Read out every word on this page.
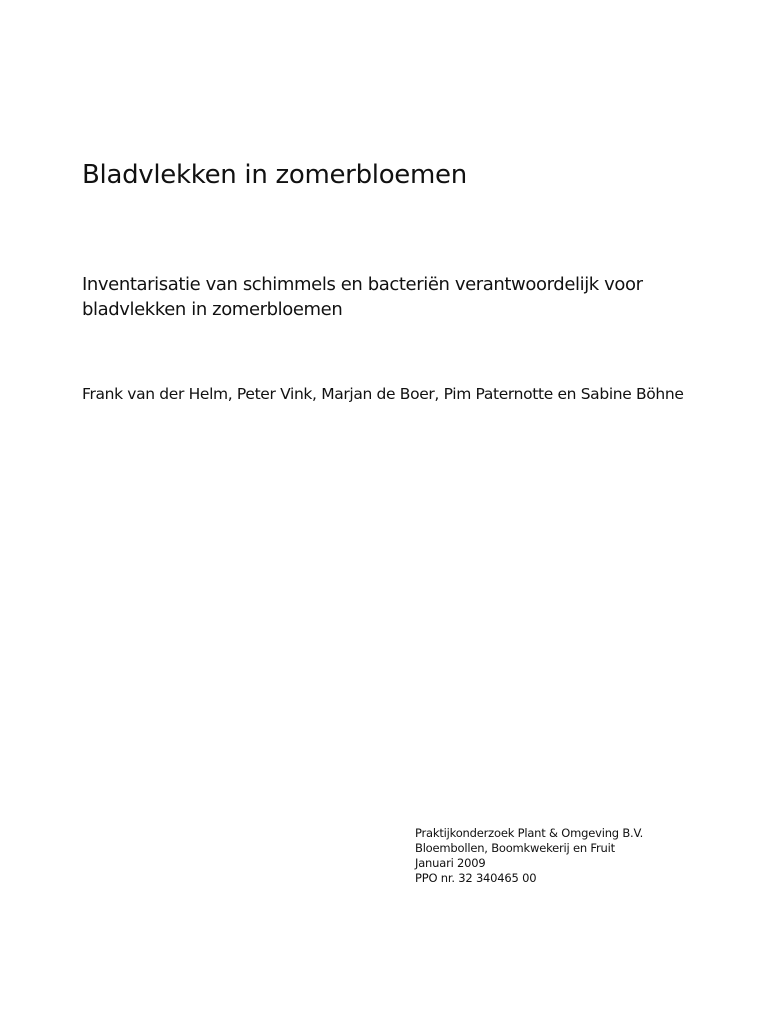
Bladvlekken in zomerbloemen
Inventarisatie van schimmels en bacteriën verantwoordelijk voor
bladvlekken in zomerbloemen

Frank van der Helm, Peter Vink, Marjan de Boer, Pim Paternotte en Sabine Böhne

Praktijkonderzoek Plant & Omgeving B.V.
Bloembollen, Boomkwekerij en Fruit
Januari 2009
PPO nr. 32 340465 00
